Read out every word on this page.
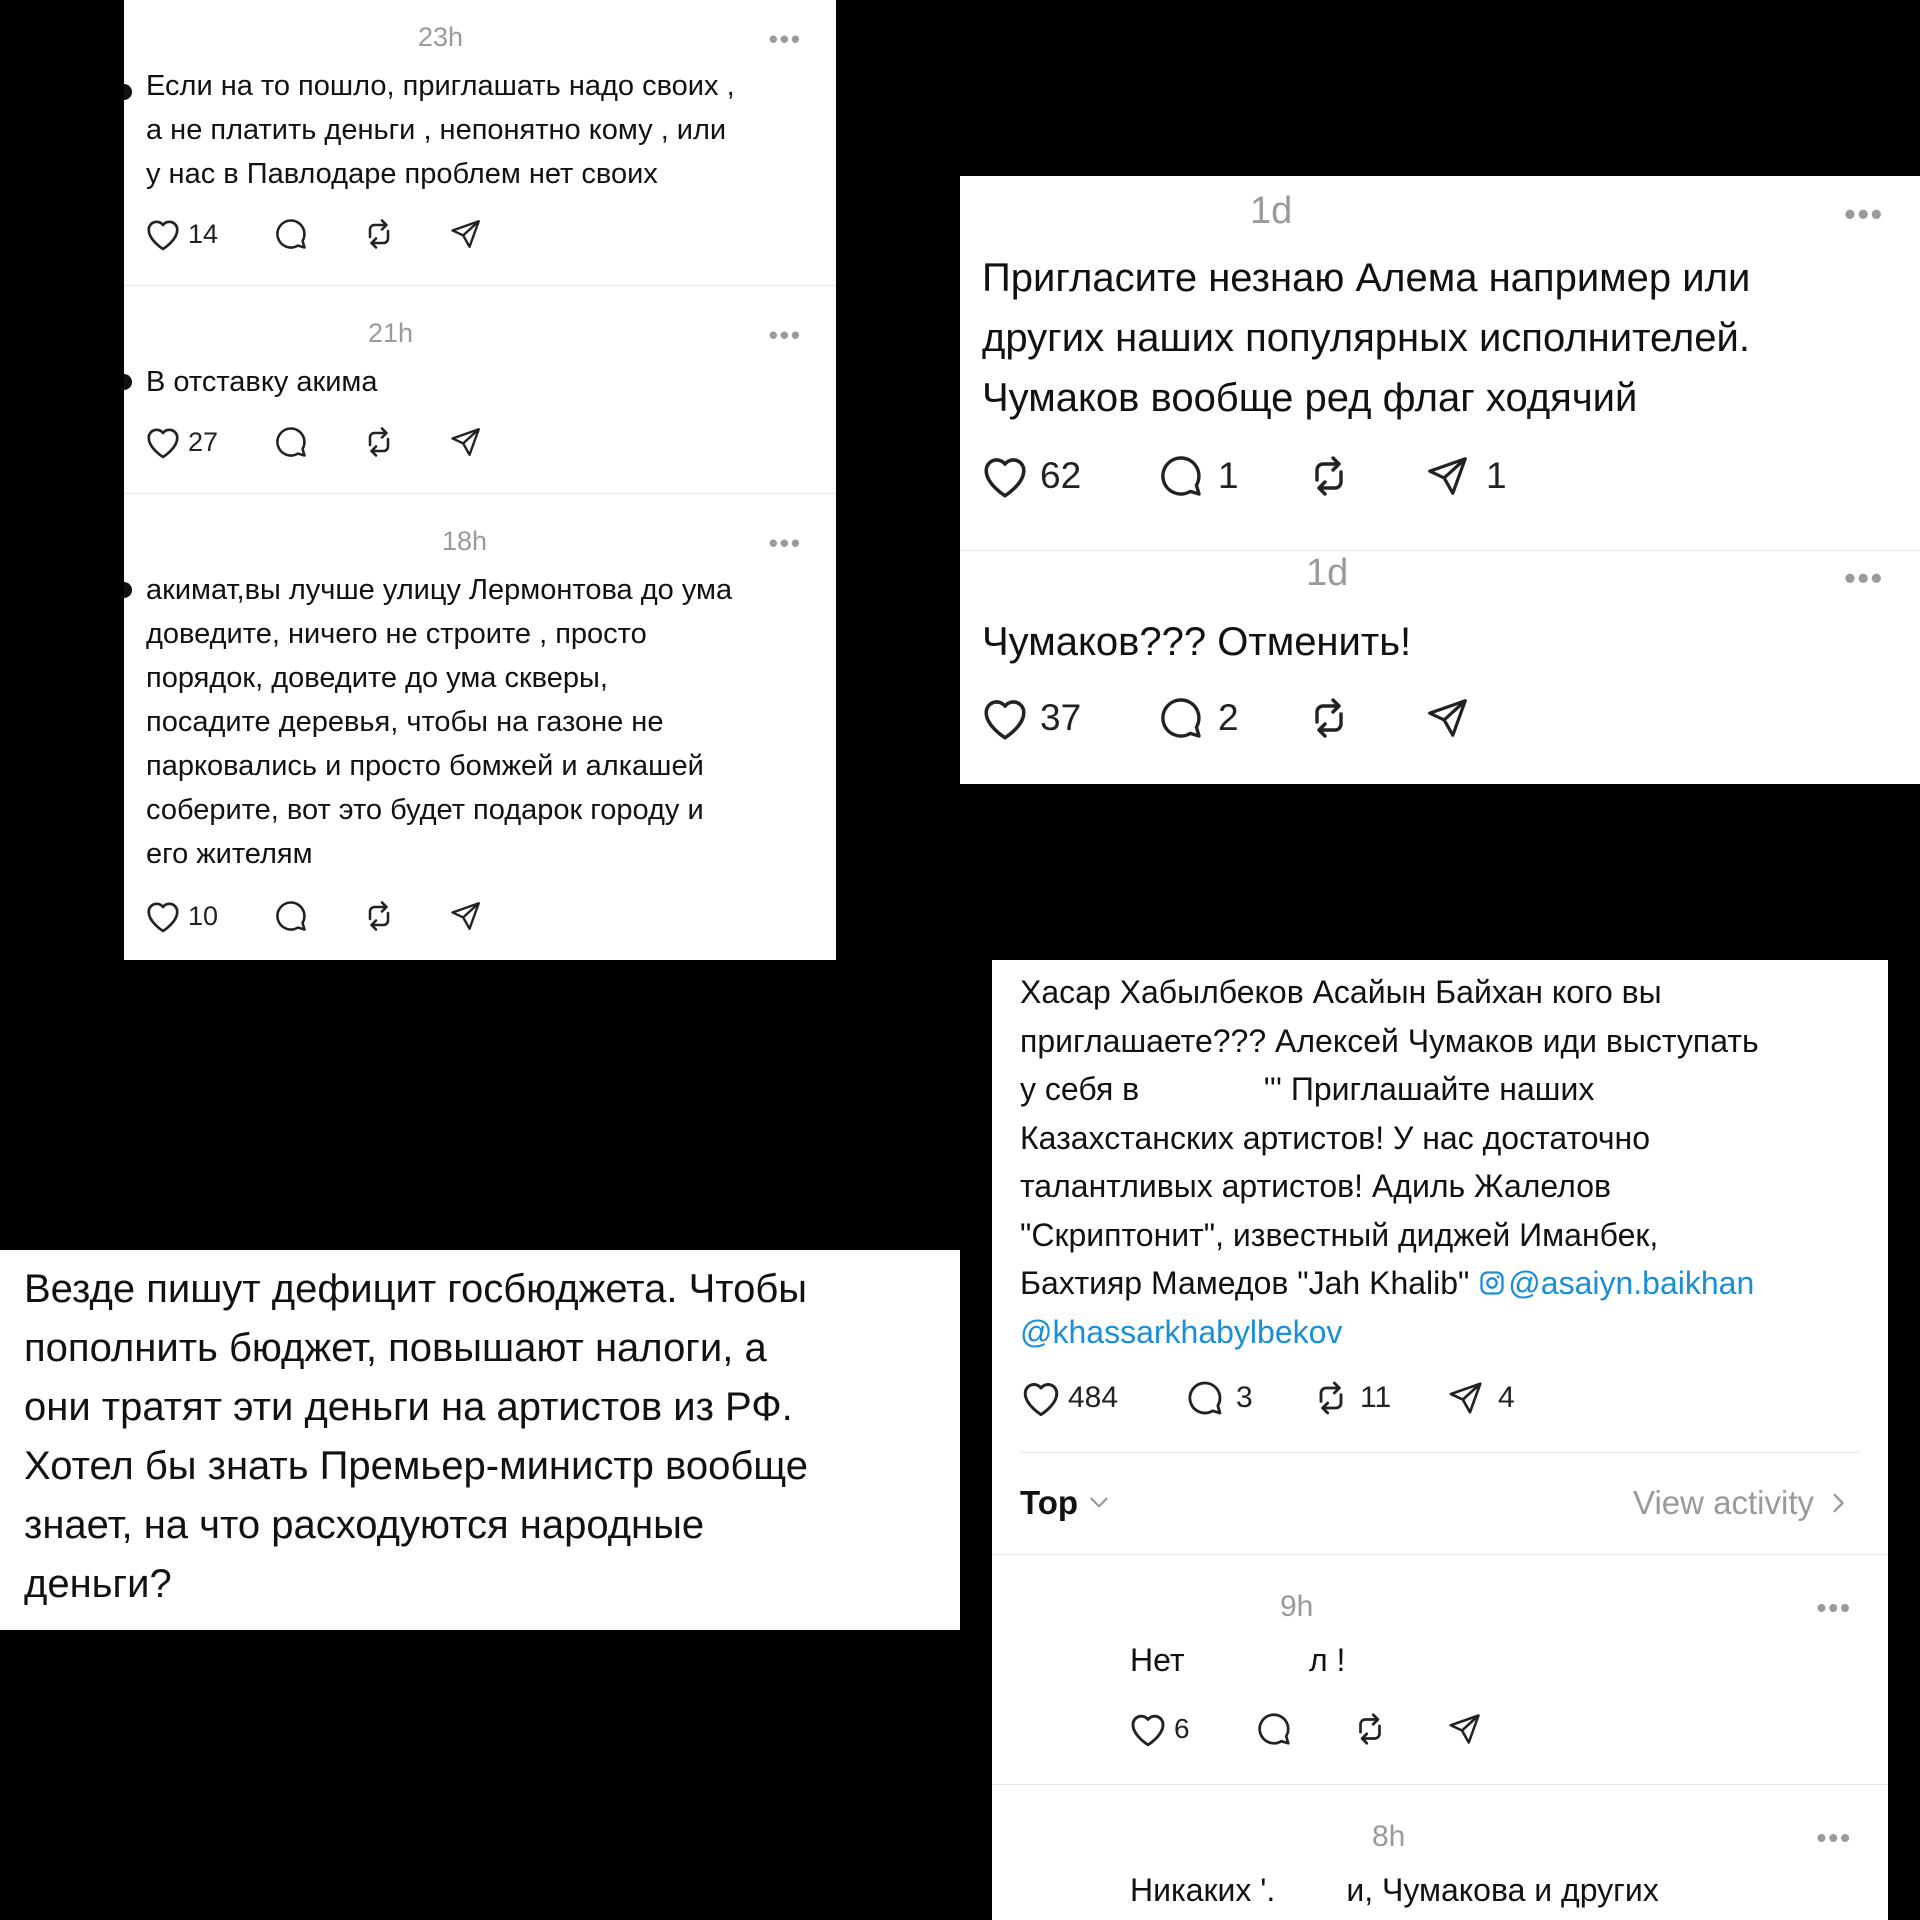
23h	•••
Если на то пошло, приглашать надо своих ,
а не платить деньги , непонятно кому , или
у нас в Павлодаре проблем нет своих
14
21h	•••
В отставку акима
27
18h	•••
акимат,вы лучше улицу Лермонтова до ума
доведите, ничего не строите , просто
порядок, доведите до ума скверы,
посадите деревья, чтобы на газоне не
парковались и просто бомжей и алкашей
соберите, вот это будет подарок городу и
его жителям
10
1d	•••
Пригласите незнаю Алема например или
других наших популярных исполнителей.
Чумаков вообще ред флаг ходячий
62	1	1
1d	•••
Чумаков??? Отменить!
37	2
Везде пишут дефицит госбюджета. Чтобы
пополнить бюджет, повышают налоги, а
они тратят эти деньги на артистов из РФ.
Хотел бы знать Премьер-министр вообще
знает, на что расходуются народные
деньги?
Хасар Хабылбеков Асайын Байхан кого вы
приглашаете??? Алексей Чумаков иди выступать
у себя в              ''' Приглашайте наших
Казахстанских артистов! У нас достаточно
талантливых артистов! Адиль Жалелов
"Скриптонит", известный диджей Иманбек,
Бахтияр Мамедов "Jah Khalib" @asaiyn.baikhan
@khassarkhabylbekov
484	3	11	4
Top	View activity
9h	•••
Нет              л !
6
8h	•••
Никаких '.        и, Чумакова и других
